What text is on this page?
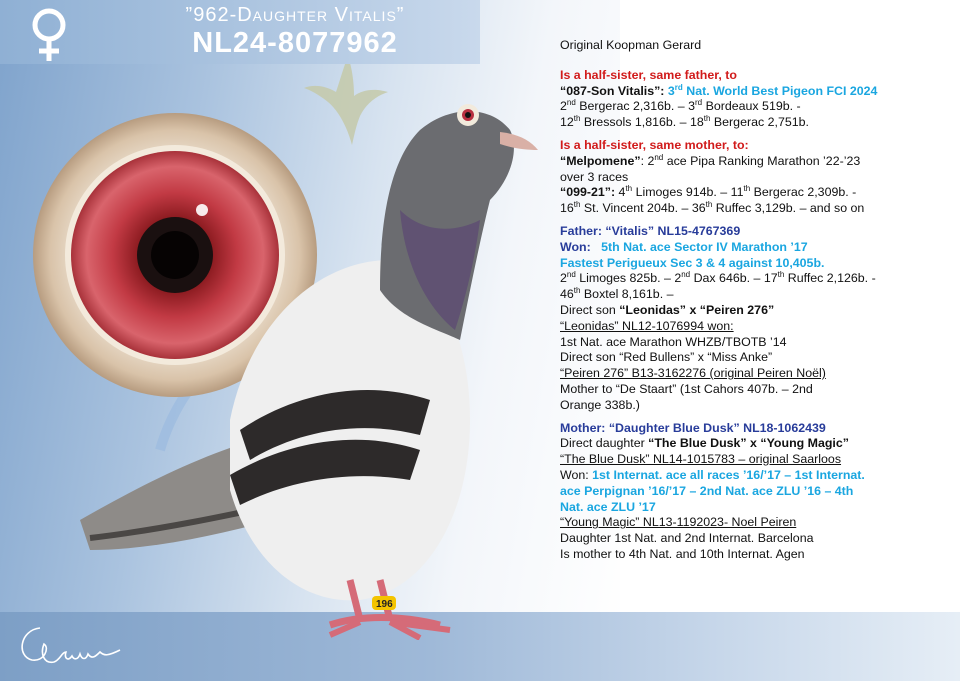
”962-Daughter Vitalis”
NL24-8077962
196

Original Koopman Gerard

Is a half-sister, same father, to

“087-Son Vitalis”: 3rd Nat. World Best Pigeon FCI 2024

2nd Bergerac 2,316b. – 3rd Bordeaux 519b. -

12th Bressols 1,816b. – 18th Bergerac 2,751b.

Is a half-sister, same mother, to:

“Melpomene”: 2nd ace Pipa Ranking Marathon ’22-’23

over 3 races

“099-21”: 4th Limoges 914b. – 11th Bergerac 2,309b. -

16th St. Vincent 204b. – 36th Ruffec 3,129b. – and so on

Father: “Vitalis” NL15-4767369

Won: 5th Nat. ace Sector IV Marathon ’17

Fastest Perigueux Sec 3 & 4 against 10,405b.

2nd Limoges 825b. – 2nd Dax 646b. – 17th Ruffec 2,126b. -

46th Boxtel 8,161b. –

Direct son “Leonidas” x “Peiren 276”

“Leonidas” NL12-1076994 won:

1st Nat. ace Marathon WHZB/TBOTB ’14

Direct son “Red Bullens” x “Miss Anke”

“Peiren 276” B13-3162276 (original Peiren Noël)

Mother to “De Staart” (1st Cahors 407b. – 2nd

Orange 338b.)

Mother: “Daughter Blue Dusk” NL18-1062439

Direct daughter “The Blue Dusk” x “Young Magic”

“The Blue Dusk” NL14-1015783 – original Saarloos

Won: 1st Internat. ace all races ’16/’17 – 1st Internat.

ace Perpignan ’16/’17 – 2nd Nat. ace ZLU ’16 – 4th

Nat. ace ZLU ’17

“Young Magic” NL13-1192023- Noel Peiren

Daughter 1st Nat. and 2nd Internat. Barcelona

Is mother to 4th Nat. and 10th Internat. Agen
